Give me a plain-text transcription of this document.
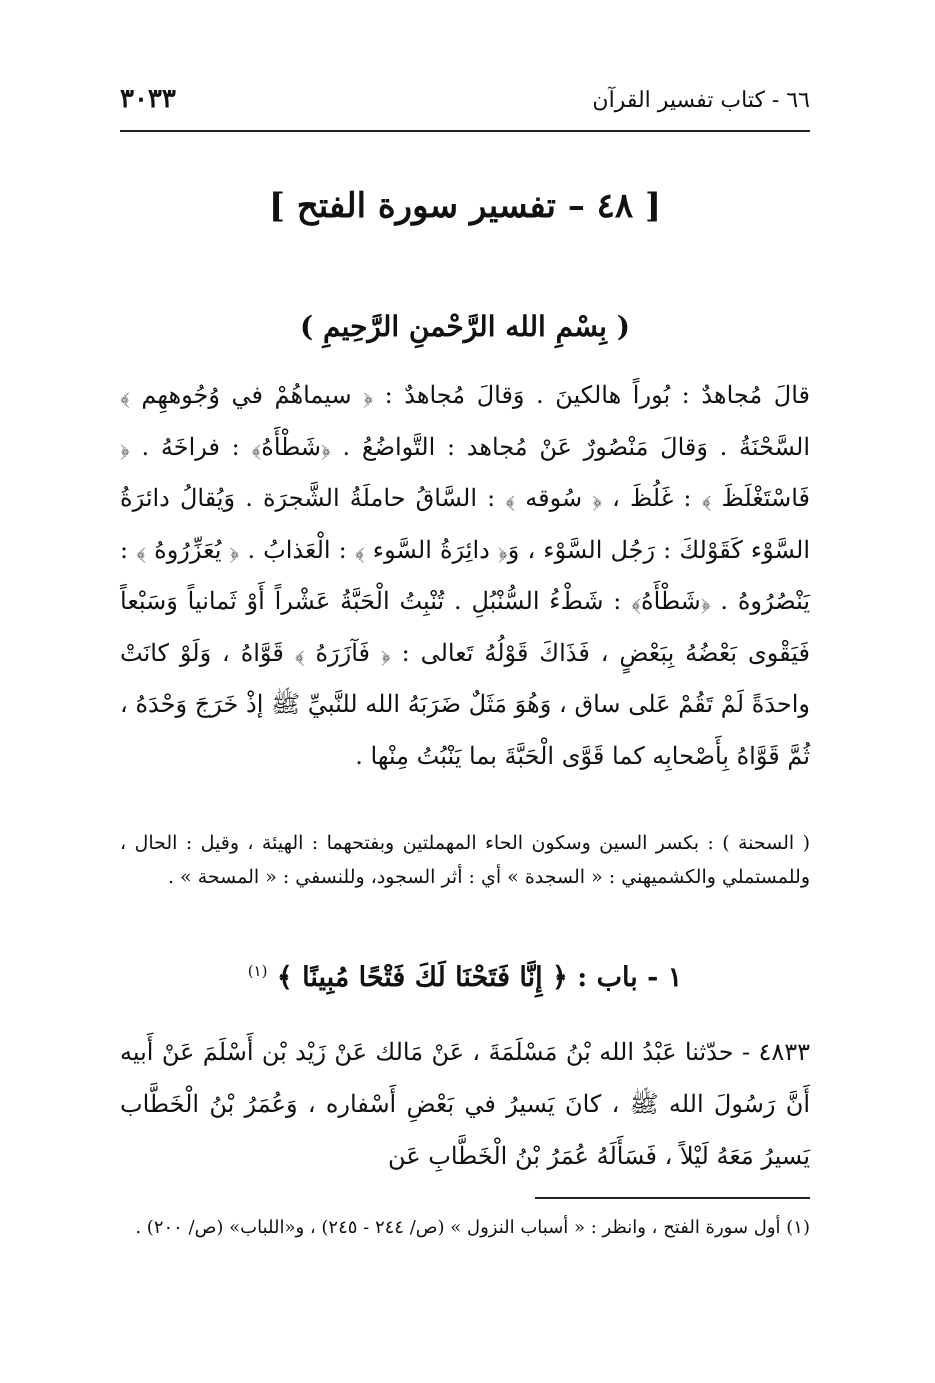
٣٠٣٣	٦٦ - كتاب تفسير القرآن
[ ٤٨ – تفسير سورة الفتح ]
( بِسْمِ الله الرَّحْمنِ الرَّحِيمِ )
قالَ مُجاهدٌ : بُوراً هالكينَ . وَقالَ مُجاهدٌ : ﴿ سيماهُمْ في وُجُوههِم ﴾ السَّحْنَةُ . وَقالَ مَنْصُورٌ عَنْ مُجاهد : التَّواضُعُ . ﴿شَطْأَهُ﴾ : فراخَهُ . ﴿ فَاسْتَغْلَظَ ﴾ : غَلُظَ ، ﴿ سُوقه ﴾ : السَّاقُ حاملَةُ الشَّجرَة . وَيُقالُ دائرَةُ السَّوْء كَقَوْلكَ : رَجُل السَّوْء ، وَ﴿ دائِرَةُ السَّوء ﴾ : الْعَذابُ . ﴿ يُعَزِّرُوهُ ﴾ : يَنْصُرُوهُ . ﴿شَطْأَهُ﴾ : شَطْءُ السُّنْبُلِ . تُنْبِتُ الْحَبَّةُ عَشْراً أَوْ ثَمانياً وَسَبْعاً فَيَقْوى بَعْضُهُ بِبَعْضٍ ، فَذَاكَ قَوْلُهُ تَعالى : ﴿ فَآزَرَهُ ﴾ قَوَّاهُ ، وَلَوْ كانَتْ واحدَةً لَمْ تَقُمْ عَلى ساق ، وَهُوَ مَثَلٌ ضَرَبَهُ الله للنَّبيِّ ﷺ إذْ خَرَجَ وَحْدَهُ ، ثُمَّ قَوَّاهُ بِأَصْحابِه كما قَوَّى الْحَبَّةَ بما يَنْبُتُ مِنْها .
( السحنة ) : بكسر السين وسكون الحاء المهملتين وبفتحهما : الهيئة ، وقيل : الحال ، وللمستملي والكشميهني : « السجدة » أي : أثر السجود، وللنسفي : « المسحة » .
١ - باب : ﴿ إِنَّا فَتَحْنَا لَكَ فَتْحًا مُبِينًا ﴾ $^{(١)}$
٤٨٣٣ - حدّثنا عَبْدُ الله بْنُ مَسْلَمَةَ ، عَنْ مَالك عَنْ زَيْد بْن أَسْلَمَ عَنْ أَبيه أَنَّ رَسُولَ الله ﷺ ، كانَ يَسيرُ في بَعْضِ أَسْفاره ، وَعُمَرُ بْنُ الْخَطَّاب يَسيرُ مَعَهُ لَيْلاً ، فَسَأَلَهُ عُمَرُ بْنُ الْخَطَّابِ عَن
(١) أول سورة الفتح ، وانظر : « أسباب النزول » (ص/ ٢٤٤ - ٢٤٥) ، و«اللباب» (ص/ ٢٠٠) .
